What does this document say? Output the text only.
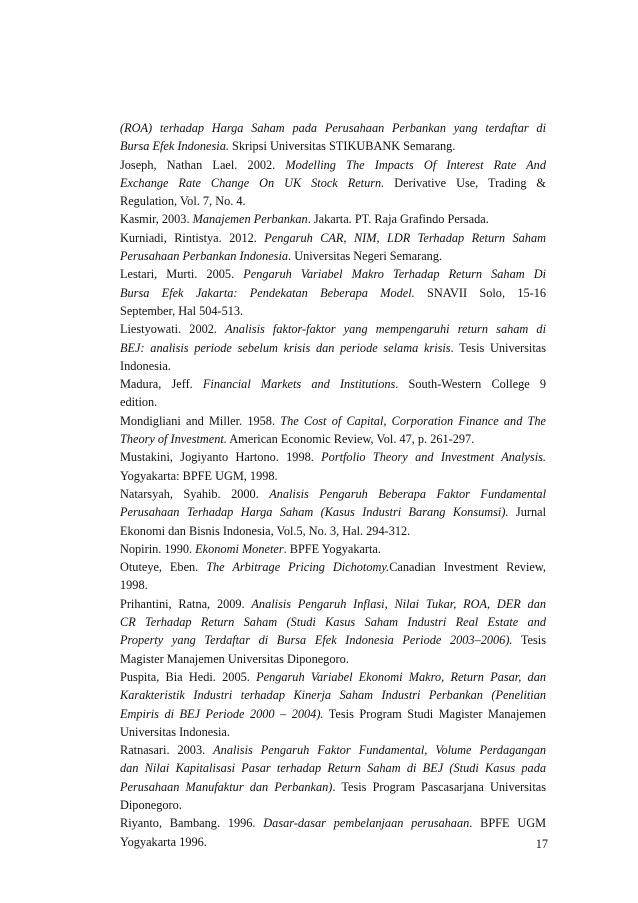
(ROA) terhadap Harga Saham pada Perusahaan Perbankan yang terdaftar di
Bursa Efek Indonesia. Skripsi Universitas STIKUBANK Semarang.
Joseph, Nathan Lael. 2002. Modelling The Impacts Of Interest Rate And
Exchange Rate Change On UK Stock Return. Derivative Use, Trading &
Regulation, Vol. 7, No. 4.
Kasmir, 2003. Manajemen Perbankan. Jakarta. PT. Raja Grafindo Persada.
Kurniadi, Rintistya. 2012. Pengaruh CAR, NIM, LDR Terhadap Return Saham
Perusahaan Perbankan Indonesia. Universitas Negeri Semarang.
Lestari, Murti. 2005. Pengaruh Variabel Makro Terhadap Return Saham Di
Bursa Efek Jakarta: Pendekatan Beberapa Model. SNAVII Solo, 15-16
September, Hal 504-513.
Liestyowati. 2002. Analisis faktor-faktor yang mempengaruhi return saham di
BEJ: analisis periode sebelum krisis dan periode selama krisis. Tesis Universitas
Indonesia.
Madura, Jeff. Financial Markets and Institutions. South-Western College 9
edition.
Mondigliani and Miller. 1958. The Cost of Capital, Corporation Finance and The
Theory of Investment. American Economic Review, Vol. 47, p. 261-297.
Mustakini, Jogiyanto Hartono. 1998. Portfolio Theory and Investment Analysis.
Yogyakarta: BPFE UGM, 1998.
Natarsyah, Syahib. 2000. Analisis Pengaruh Beberapa Faktor Fundamental
Perusahaan Terhadap Harga Saham (Kasus Industri Barang Konsumsi). Jurnal
Ekonomi dan Bisnis Indonesia, Vol.5, No. 3, Hal. 294-312.
Nopirin. 1990. Ekonomi Moneter. BPFE Yogyakarta.
Otuteye, Eben. The Arbitrage Pricing Dichotomy.Canadian Investment Review,
1998.
Prihantini, Ratna, 2009. Analisis Pengaruh Inflasi, Nilai Tukar, ROA, DER dan
CR Terhadap Return Saham (Studi Kasus Saham Industri Real Estate and
Property yang Terdaftar di Bursa Efek Indonesia Periode 2003–2006). Tesis
Magister Manajemen Universitas Diponegoro.
Puspita, Bia Hedi. 2005. Pengaruh Variabel Ekonomi Makro, Return Pasar, dan
Karakteristik Industri terhadap Kinerja Saham Industri Perbankan (Penelitian
Empiris di BEJ Periode 2000 – 2004). Tesis Program Studi Magister Manajemen
Universitas Indonesia.
Ratnasari. 2003. Analisis Pengaruh Faktor Fundamental, Volume Perdagangan
dan Nilai Kapitalisasi Pasar terhadap Return Saham di BEJ (Studi Kasus pada
Perusahaan Manufaktur dan Perbankan). Tesis Program Pascasarjana Universitas
Diponegoro.
Riyanto, Bambang. 1996. Dasar-dasar pembelanjaan perusahaan. BPFE UGM
Yogyakarta 1996.	17
